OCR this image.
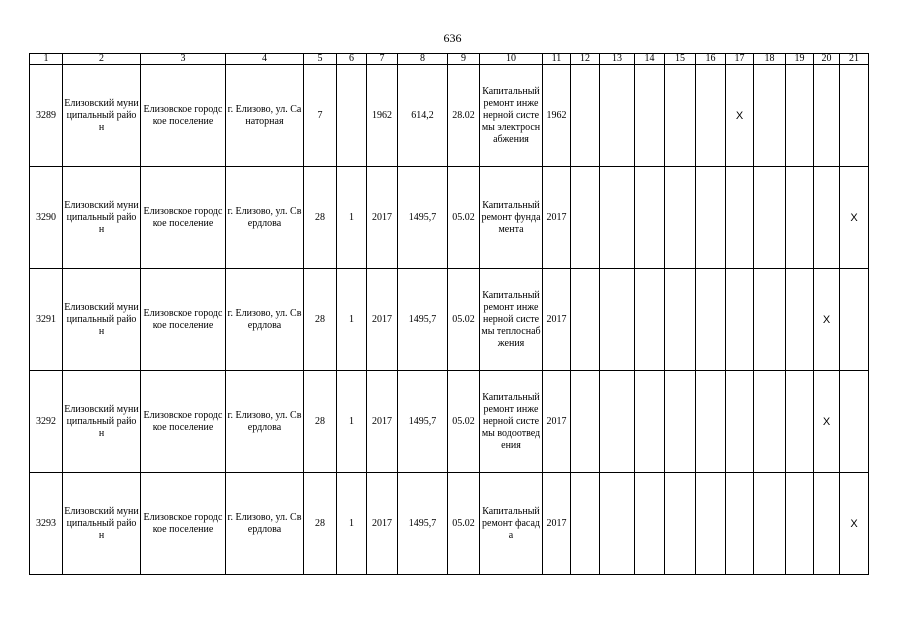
636
1	2	3	4	5	6	7	8	9	10	11	12	13	14	15	16	17	18	19	20	21
3289	Елизовский муниципальный район	Елизовское городское поселение	г. Елизово, ул. Санаторная	7		1962	614,2	28.02	Капитальный ремонт инженерной системы электроснабжения	1962						Х				
3290	Елизовский муниципальный район	Елизовское городское поселение	г. Елизово, ул. Свердлова	28	1	2017	1495,7	05.02	Капитальный ремонт фундамента	2017										Х
3291	Елизовский муниципальный район	Елизовское городское поселение	г. Елизово, ул. Свердлова	28	1	2017	1495,7	05.02	Капитальный ремонт инженерной системы теплоснабжения	2017									Х	
3292	Елизовский муниципальный район	Елизовское городское поселение	г. Елизово, ул. Свердлова	28	1	2017	1495,7	05.02	Капитальный ремонт инженерной системы водоотведения	2017									Х	
3293	Елизовский муниципальный район	Елизовское городское поселение	г. Елизово, ул. Свердлова	28	1	2017	1495,7	05.02	Капитальный ремонт фасада	2017										Х
